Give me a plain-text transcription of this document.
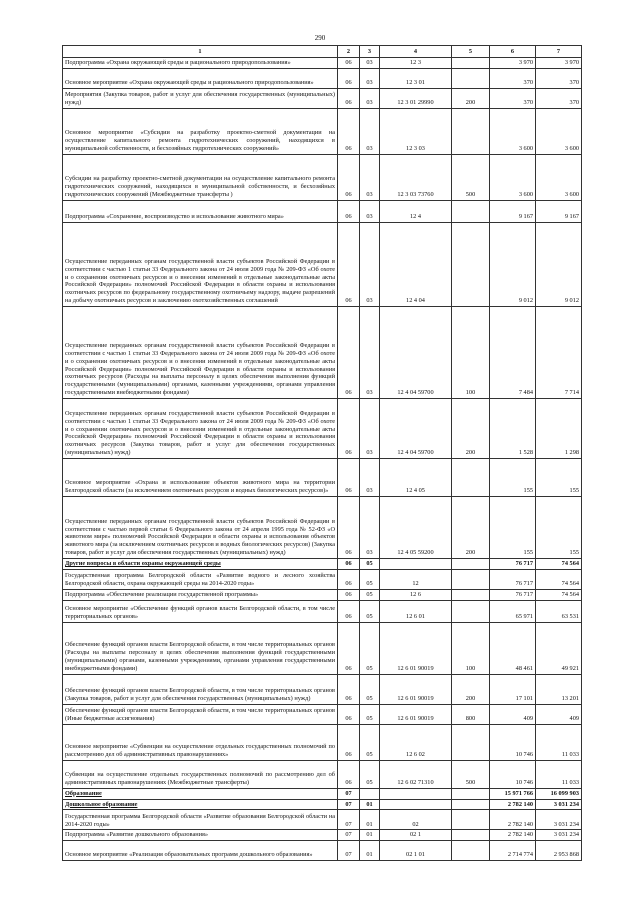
290
1	2	3	4	5	6	7
Подпрограмма «Охрана окружающей среды и рационального природопользования»	06	03	12 3		3 970	3 970
Основное мероприятие «Охрана окружающей среды и рационального природопользования»	06	03	12 3 01		370	370
Мероприятия (Закупка товаров, работ и услуг для обеспечения государственных (муниципальных) нужд)	06	03	12 3 01 29990	200	370	370
Основное мероприятие «Субсидии на разработку проектно-сметной документации на осуществление капитального ремонта гидротехнических сооружений, находящихся в муниципальной собственности, и бесхозяйных гидротехнических сооружений»	06	03	12 3 03		3 600	3 600
Субсидии на разработку проектно-сметной документации на осуществление капитального ремонта гидротехнических сооружений, находящихся в муниципальной собственности, и бесхозяйных гидротехнических сооружений (Межбюджетные трансферты )	06	03	12 3 03 73760	500	3 600	3 600
Подпрограмма «Сохранение, воспроизводство и использование животного мира»	06	03	12 4		9 167	9 167
Осуществление переданных органам государственной власти субъектов Российской Федерации в соответствии с частью 1 статьи 33 Федерального закона от 24 июля 2009 года № 209-ФЗ «Об охоте и о сохранении охотничьих ресурсов и о внесении изменений в отдельные законодательные акты Российской Федерации» полномочий Российской Федерации в области охраны и использования охотничьих ресурсов по федеральному государственному охотничьему надзору, выдаче разрешений на добычу охотничьих ресурсов и заключению охотхозяйственных соглашений	06	03	12 4 04		9 012	9 012
Осуществление переданных органам государственной власти субъектов Российской Федерации в соответствии с частью 1 статьи 33 Федерального закона от 24 июля 2009 года № 209-ФЗ «Об охоте и о сохранении охотничьих ресурсов и о внесении изменений в отдельные законодательные акты Российской Федерации» полномочий Российской Федерации в области охраны и использования охотничьих ресурсов (Расходы на выплаты персоналу в целях обеспечения выполнения функций государственными (муниципальными) органами, казенными учреждениями, органами управления государственными внебюджетными фондами)	06	03	12 4 04 59700	100	7 484	7 714
Осуществление переданных органам государственной власти субъектов Российской Федерации в соответствии с частью 1 статьи 33 Федерального закона от 24 июля 2009 года № 209-ФЗ «Об охоте и о сохранении охотничьих ресурсов и о внесении изменений в отдельные законодательные акты Российской Федерации» полномочий Российской Федерации в области охраны и использования охотничьих ресурсов (Закупка товаров, работ и услуг для обеспечения государственных (муниципальных) нужд)	06	03	12 4 04 59700	200	1 528	1 298
Основное мероприятие «Охрана и использование объектов животного мира на территории Белгородской области (за исключением охотничьих ресурсов и водных биологических ресурсов)»	06	03	12 4 05		155	155
Осуществление переданных органам государственной власти субъектов Российской Федерации в соответствии с частью первой статьи 6 Федерального закона от 24 апреля 1995 года № 52-ФЗ «О животном мире» полномочий Российской Федерации в области охраны и использования объектов животного мира (за исключением охотничьих ресурсов и водных биологических ресурсов) (Закупка товаров, работ и услуг для обеспечения государственных (муниципальных) нужд)	06	03	12 4 05 59200	200	155	155
Другие вопросы в области охраны окружающей среды	06	05			76 717	74 564
Государственная программа Белгородской области «Развитие водного и лесного хозяйства Белгородской области, охрана окружающей среды на 2014-2020 годы»	06	05	12		76 717	74 564
Подпрограмма «Обеспечение реализации государственной программы»	06	05	12 6		76 717	74 564
Основное мероприятие «Обеспечение функций органов власти Белгородской области, в том числе территориальных органов»	06	05	12 6 01		65 971	63 531
Обеспечение функций органов власти Белгородской области, в том числе территориальных органов (Расходы на выплаты персоналу в целях обеспечения выполнения функций государственными (муниципальными) органами, казенными учреждениями, органами управления государственными внебюджетными фондами)	06	05	12 6 01 90019	100	48 461	49 921
Обеспечение функций органов власти Белгородской области, в том числе территориальных органов (Закупка товаров, работ и услуг для обеспечения государственных (муниципальных) нужд)	06	05	12 6 01 90019	200	17 101	13 201
Обеспечение функций органов власти Белгородской области, в том числе территориальных органов (Иные бюджетные ассигнования)	06	05	12 6 01 90019	800	409	409
Основное мероприятие «Субвенции на осуществление отдельных государственных полномочий по рассмотрению дел об административных правонарушениях»	06	05	12 6 02		10 746	11 033
Субвенции на осуществление отдельных государственных полномочий по рассмотрению дел об административных правонарушениях (Межбюджетные трансферты)	06	05	12 6 02 71310	500	10 746	11 033
Образование	07				15 971 766	16 099 903
Дошкольное образование	07	01			2 782 140	3 031 234
Государственная программа Белгородской области «Развитие образования Белгородской области на 2014-2020 годы»	07	01	02		2 782 140	3 031 234
Подпрограмма «Развитие дошкольного образования»	07	01	02 1		2 782 140	3 031 234
Основное мероприятие «Реализация образовательных программ дошкольного образования»	07	01	02 1 01		2 714 774	2 953 868
